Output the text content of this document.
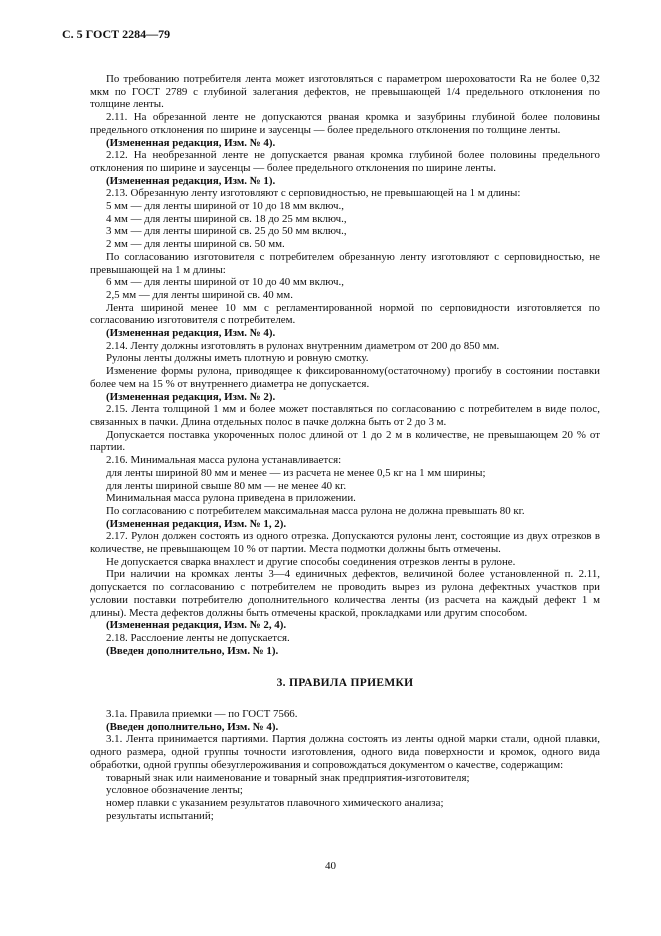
С. 5 ГОСТ 2284—79

По требованию потребителя лента может изготовляться с параметром шероховатости Ra не более 0,32 мкм по ГОСТ 2789 с глубиной залегания дефектов, не превышающей 1/4 предельного отклонения по толщине ленты.

2.11. На обрезанной ленте не допускаются рваная кромка и зазубрины глубиной более половины предельного отклонения по ширине и заусенцы — более предельного отклонения по толщине ленты.

(Измененная редакция, Изм. № 4).

2.12. На необрезанной ленте не допускается рваная кромка глубиной более половины предельного отклонения по ширине и заусенцы — более предельного отклонения по ширине ленты.

(Измененная редакция, Изм. № 1).

2.13. Обрезанную ленту изготовляют с серповидностью, не превышающей на 1 м длины:

5 мм — для ленты шириной от 10 до 18 мм включ.,

4 мм — для ленты шириной св. 18 до 25 мм включ.,

3 мм — для ленты шириной св. 25 до 50 мм включ.,

2 мм — для ленты шириной св. 50 мм.

По согласованию изготовителя с потребителем обрезанную ленту изготовляют с серповидностью, не превышающей на 1 м длины:

6 мм — для ленты шириной от 10 до 40 мм включ.,

2,5 мм — для ленты шириной св. 40 мм.

Лента шириной менее 10 мм с регламентированной нормой по серповидности изготовляется по согласованию изготовителя с потребителем.

(Измененная редакция, Изм. № 4).

2.14. Ленту должны изготовлять в рулонах внутренним диаметром от 200 до 850 мм.

Рулоны ленты должны иметь плотную и ровную смотку.

Изменение формы рулона, приводящее к фиксированному(остаточному) прогибу в состоянии поставки более чем на 15 % от внутреннего диаметра не допускается.

(Измененная редакция, Изм. № 2).

2.15. Лента толщиной 1 мм и более может поставляться по согласованию с потребителем в виде полос, связанных в пачки. Длина отдельных полос в пачке должна быть от 2 до 3 м.

Допускается поставка укороченных полос длиной от 1 до 2 м в количестве, не превышающем 20 % от партии.

2.16. Минимальная масса рулона устанавливается:

для ленты шириной 80 мм и менее — из расчета не менее 0,5 кг на 1 мм ширины;

для ленты шириной свыше 80 мм — не менее 40 кг.

Минимальная масса рулона приведена в приложении.

По согласованию с потребителем максимальная масса рулона не должна превышать 80 кг.

(Измененная редакция, Изм. № 1, 2).

2.17. Рулон должен состоять из одного отрезка. Допускаются рулоны лент, состоящие из двух отрезков в количестве, не превышающем 10 % от партии. Места подмотки должны быть отмечены.

Не допускается сварка внахлест и другие способы соединения отрезков ленты в рулоне.

При наличии на кромках ленты 3—4 единичных дефектов, величиной более установленной п. 2.11, допускается по согласованию с потребителем не проводить вырез из рулона дефектных участков при условии поставки потребителю дополнительного количества ленты (из расчета на каждый дефект 1 м длины). Места дефектов должны быть отмечены краской, прокладками или другим способом.

(Измененная редакция, Изм. № 2, 4).

2.18. Расслоение ленты не допускается.

(Введен дополнительно, Изм. № 1).

3. ПРАВИЛА ПРИЕМКИ

3.1а. Правила приемки — по ГОСТ 7566.

(Введен дополнительно, Изм. № 4).

3.1. Лента принимается партиями. Партия должна состоять из ленты одной марки стали, одной плавки, одного размера, одной группы точности изготовления, одного вида поверхности и кромок, одного вида обработки, одной группы обезуглероживания и сопровождаться документом о качестве, содержащим:

товарный знак или наименование и товарный знак предприятия-изготовителя;

условное обозначение ленты;

номер плавки с указанием результатов плавочного химического анализа;

результаты испытаний;

40
